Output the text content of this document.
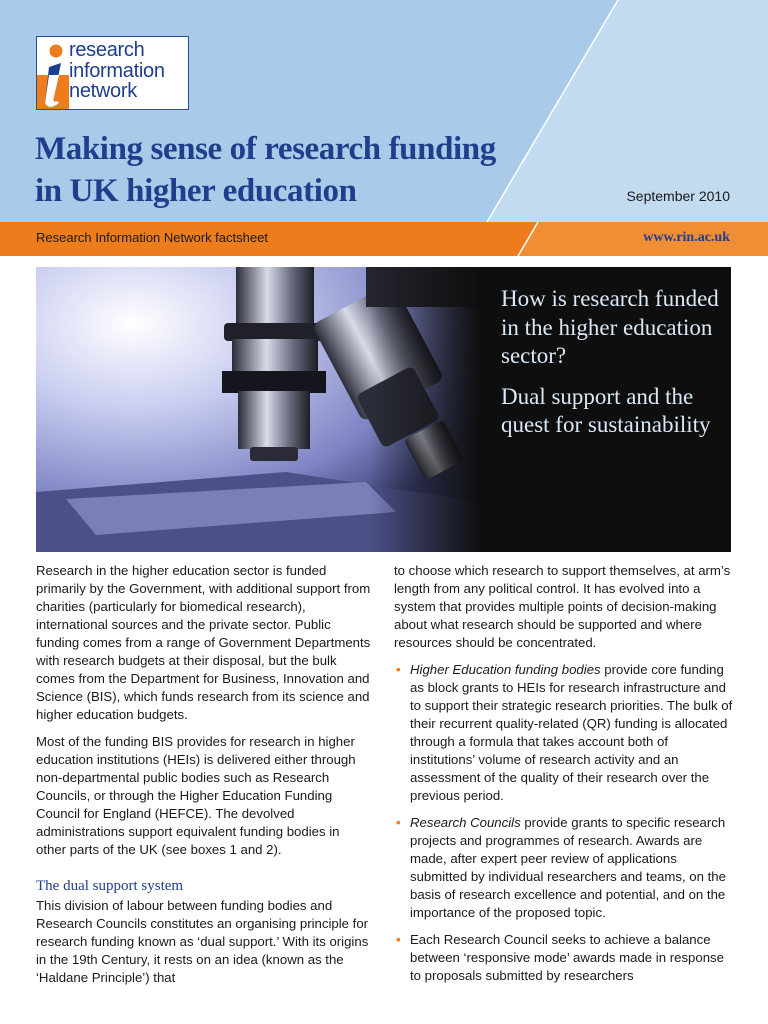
research
information
network
Making sense of research funding
in UK higher education	September 2010
Research Information Network factsheet	www.rin.ac.uk

How is research funded in the higher education sector?

Dual support and the quest for sustainability

Research in the higher education sector is funded primarily by the Government, with additional support from charities (particularly for biomedical research), international sources and the private sector. Public funding comes from a range of Government Departments with research budgets at their disposal, but the bulk comes from the Department for Business, Innovation and Science (BIS), which funds research from its science and higher education budgets.

Most of the funding BIS provides for research in higher education institutions (HEIs) is delivered either through non-departmental public bodies such as Research Councils, or through the Higher Education Funding Council for England (HEFCE). The devolved administrations support equivalent funding bodies in other parts of the UK (see boxes 1 and 2).

The dual support system

This division of labour between funding bodies and Research Councils constitutes an organising principle for research funding known as ‘dual support.’ With its origins in the 19th Century, it rests on an idea (known as the ‘Haldane Principle’) that

to choose which research to support themselves, at arm’s length from any political control. It has evolved into a system that provides multiple points of decision-making about what research should be supported and where resources should be concentrated.

• Higher Education funding bodies provide core funding as block grants to HEIs for research infrastructure and to support their strategic research priorities. The bulk of their recurrent quality-related (QR) funding is allocated through a formula that takes account both of institutions’ volume of research activity and an assessment of the quality of their research over the previous period.
• Research Councils provide grants to specific research projects and programmes of research. Awards are made, after expert peer review of applications submitted by individual researchers and teams, on the basis of research excellence and potential, and on the importance of the proposed topic.
• Each Research Council seeks to achieve a balance between ‘responsive mode’ awards made in response to proposals submitted by researchers
